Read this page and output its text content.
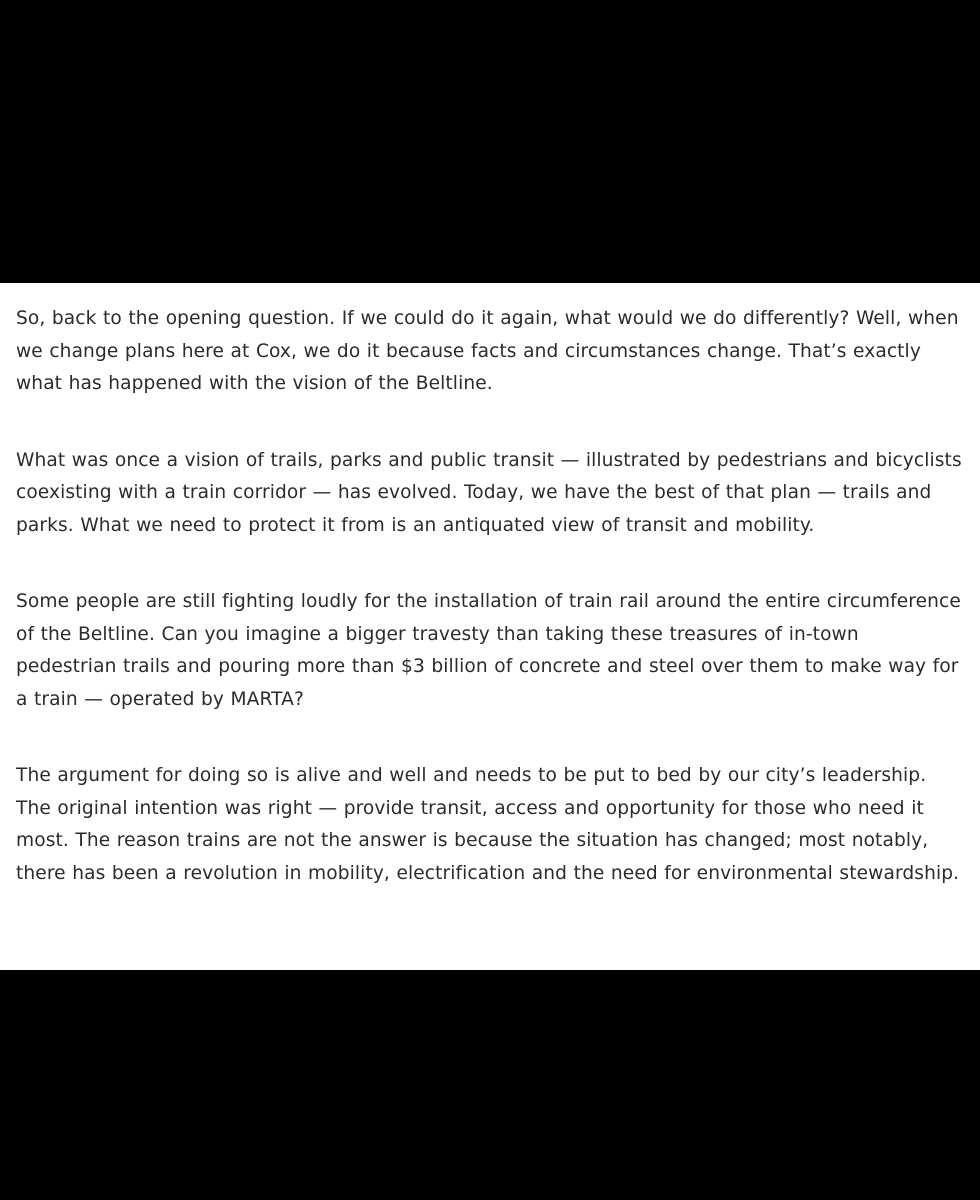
So, back to the opening question. If we could do it again, what would we do differently? Well, when we change plans here at Cox, we do it because facts and circumstances change. That’s exactly what has happened with the vision of the Beltline.

What was once a vision of trails, parks and public transit — illustrated by pedestrians and bicyclists coexisting with a train corridor — has evolved. Today, we have the best of that plan — trails and parks. What we need to protect it from is an antiquated view of transit and mobility.

Some people are still fighting loudly for the installation of train rail around the entire circumference of the Beltline. Can you imagine a bigger travesty than taking these treasures of in-town pedestrian trails and pouring more than $3 billion of concrete and steel over them to make way for a train — operated by MARTA?

The argument for doing so is alive and well and needs to be put to bed by our city’s leadership. The original intention was right — provide transit, access and opportunity for those who need it most. The reason trains are not the answer is because the situation has changed; most notably, there has been a revolution in mobility, electrification and the need for environmental stewardship.
